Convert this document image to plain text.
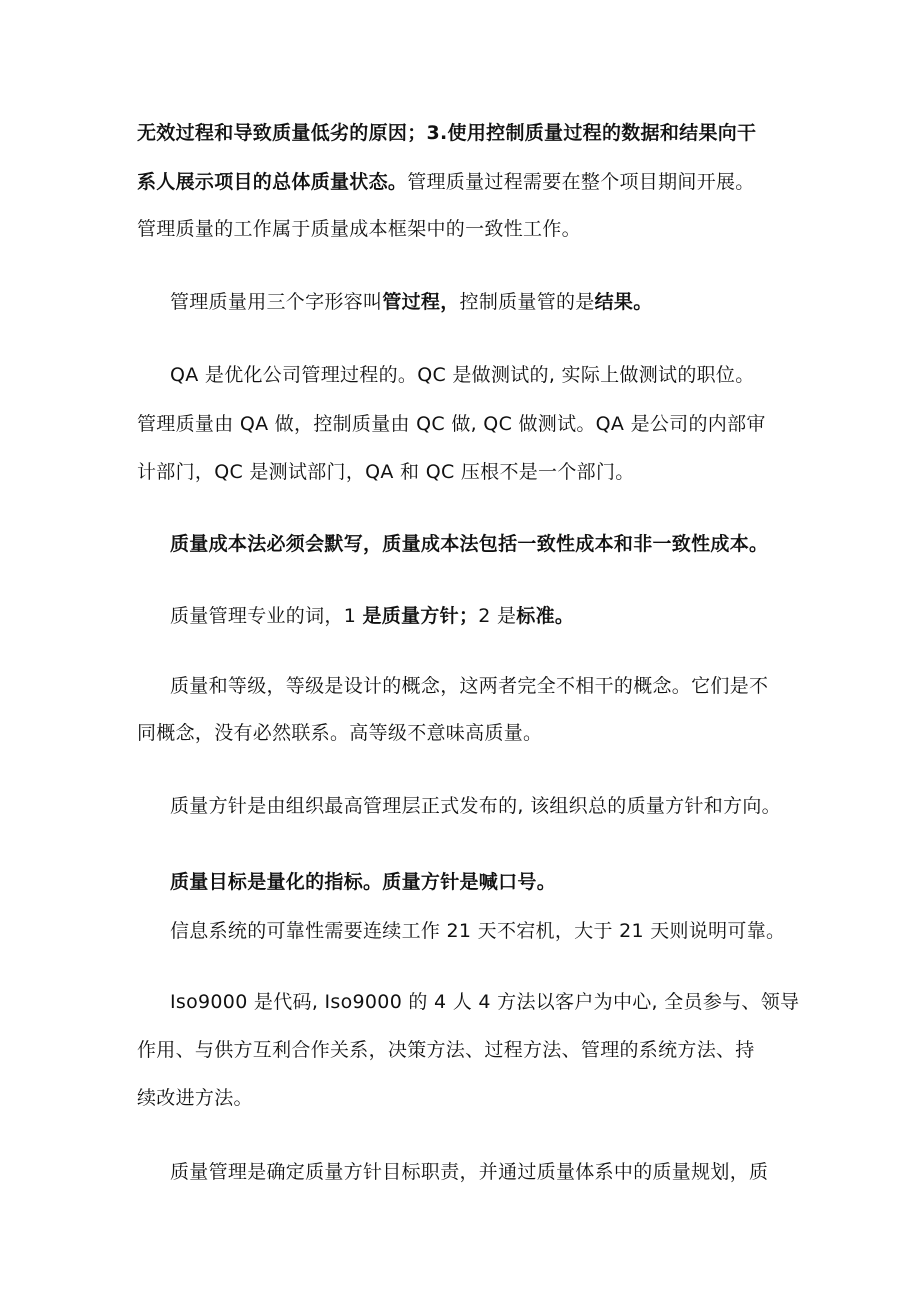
无效过程和导致质量低劣的原因；3.使用控制质量过程的数据和结果向干

系人展示项目的总体质量状态。管理质量过程需要在整个项目期间开展。

管理质量的工作属于质量成本框架中的一致性工作。

管理质量用三个字形容叫管过程，控制质量管的是结果。

QA 是优化公司管理过程的。QC 是做测试的, 实际上做测试的职位。

管理质量由 QA 做，控制质量由 QC 做, QC 做测试。QA 是公司的内部审

计部门，QC 是测试部门，QA 和 QC 压根不是一个部门。

质量成本法必须会默写，质量成本法包括一致性成本和非一致性成本。

质量管理专业的词，1 是质量方针；2 是标准。

质量和等级，等级是设计的概念，这两者完全不相干的概念。它们是不

同概念，没有必然联系。高等级不意味高质量。

质量方针是由组织最高管理层正式发布的, 该组织总的质量方针和方向。

质量目标是量化的指标。质量方针是喊口号。

信息系统的可靠性需要连续工作 21 天不宕机，大于 21 天则说明可靠。

Iso9000 是代码, Iso9000 的 4 人 4 方法以客户为中心, 全员参与、领导

作用、与供方互利合作关系，决策方法、过程方法、管理的系统方法、持

续改进方法。

质量管理是确定质量方针目标职责，并通过质量体系中的质量规划，质
